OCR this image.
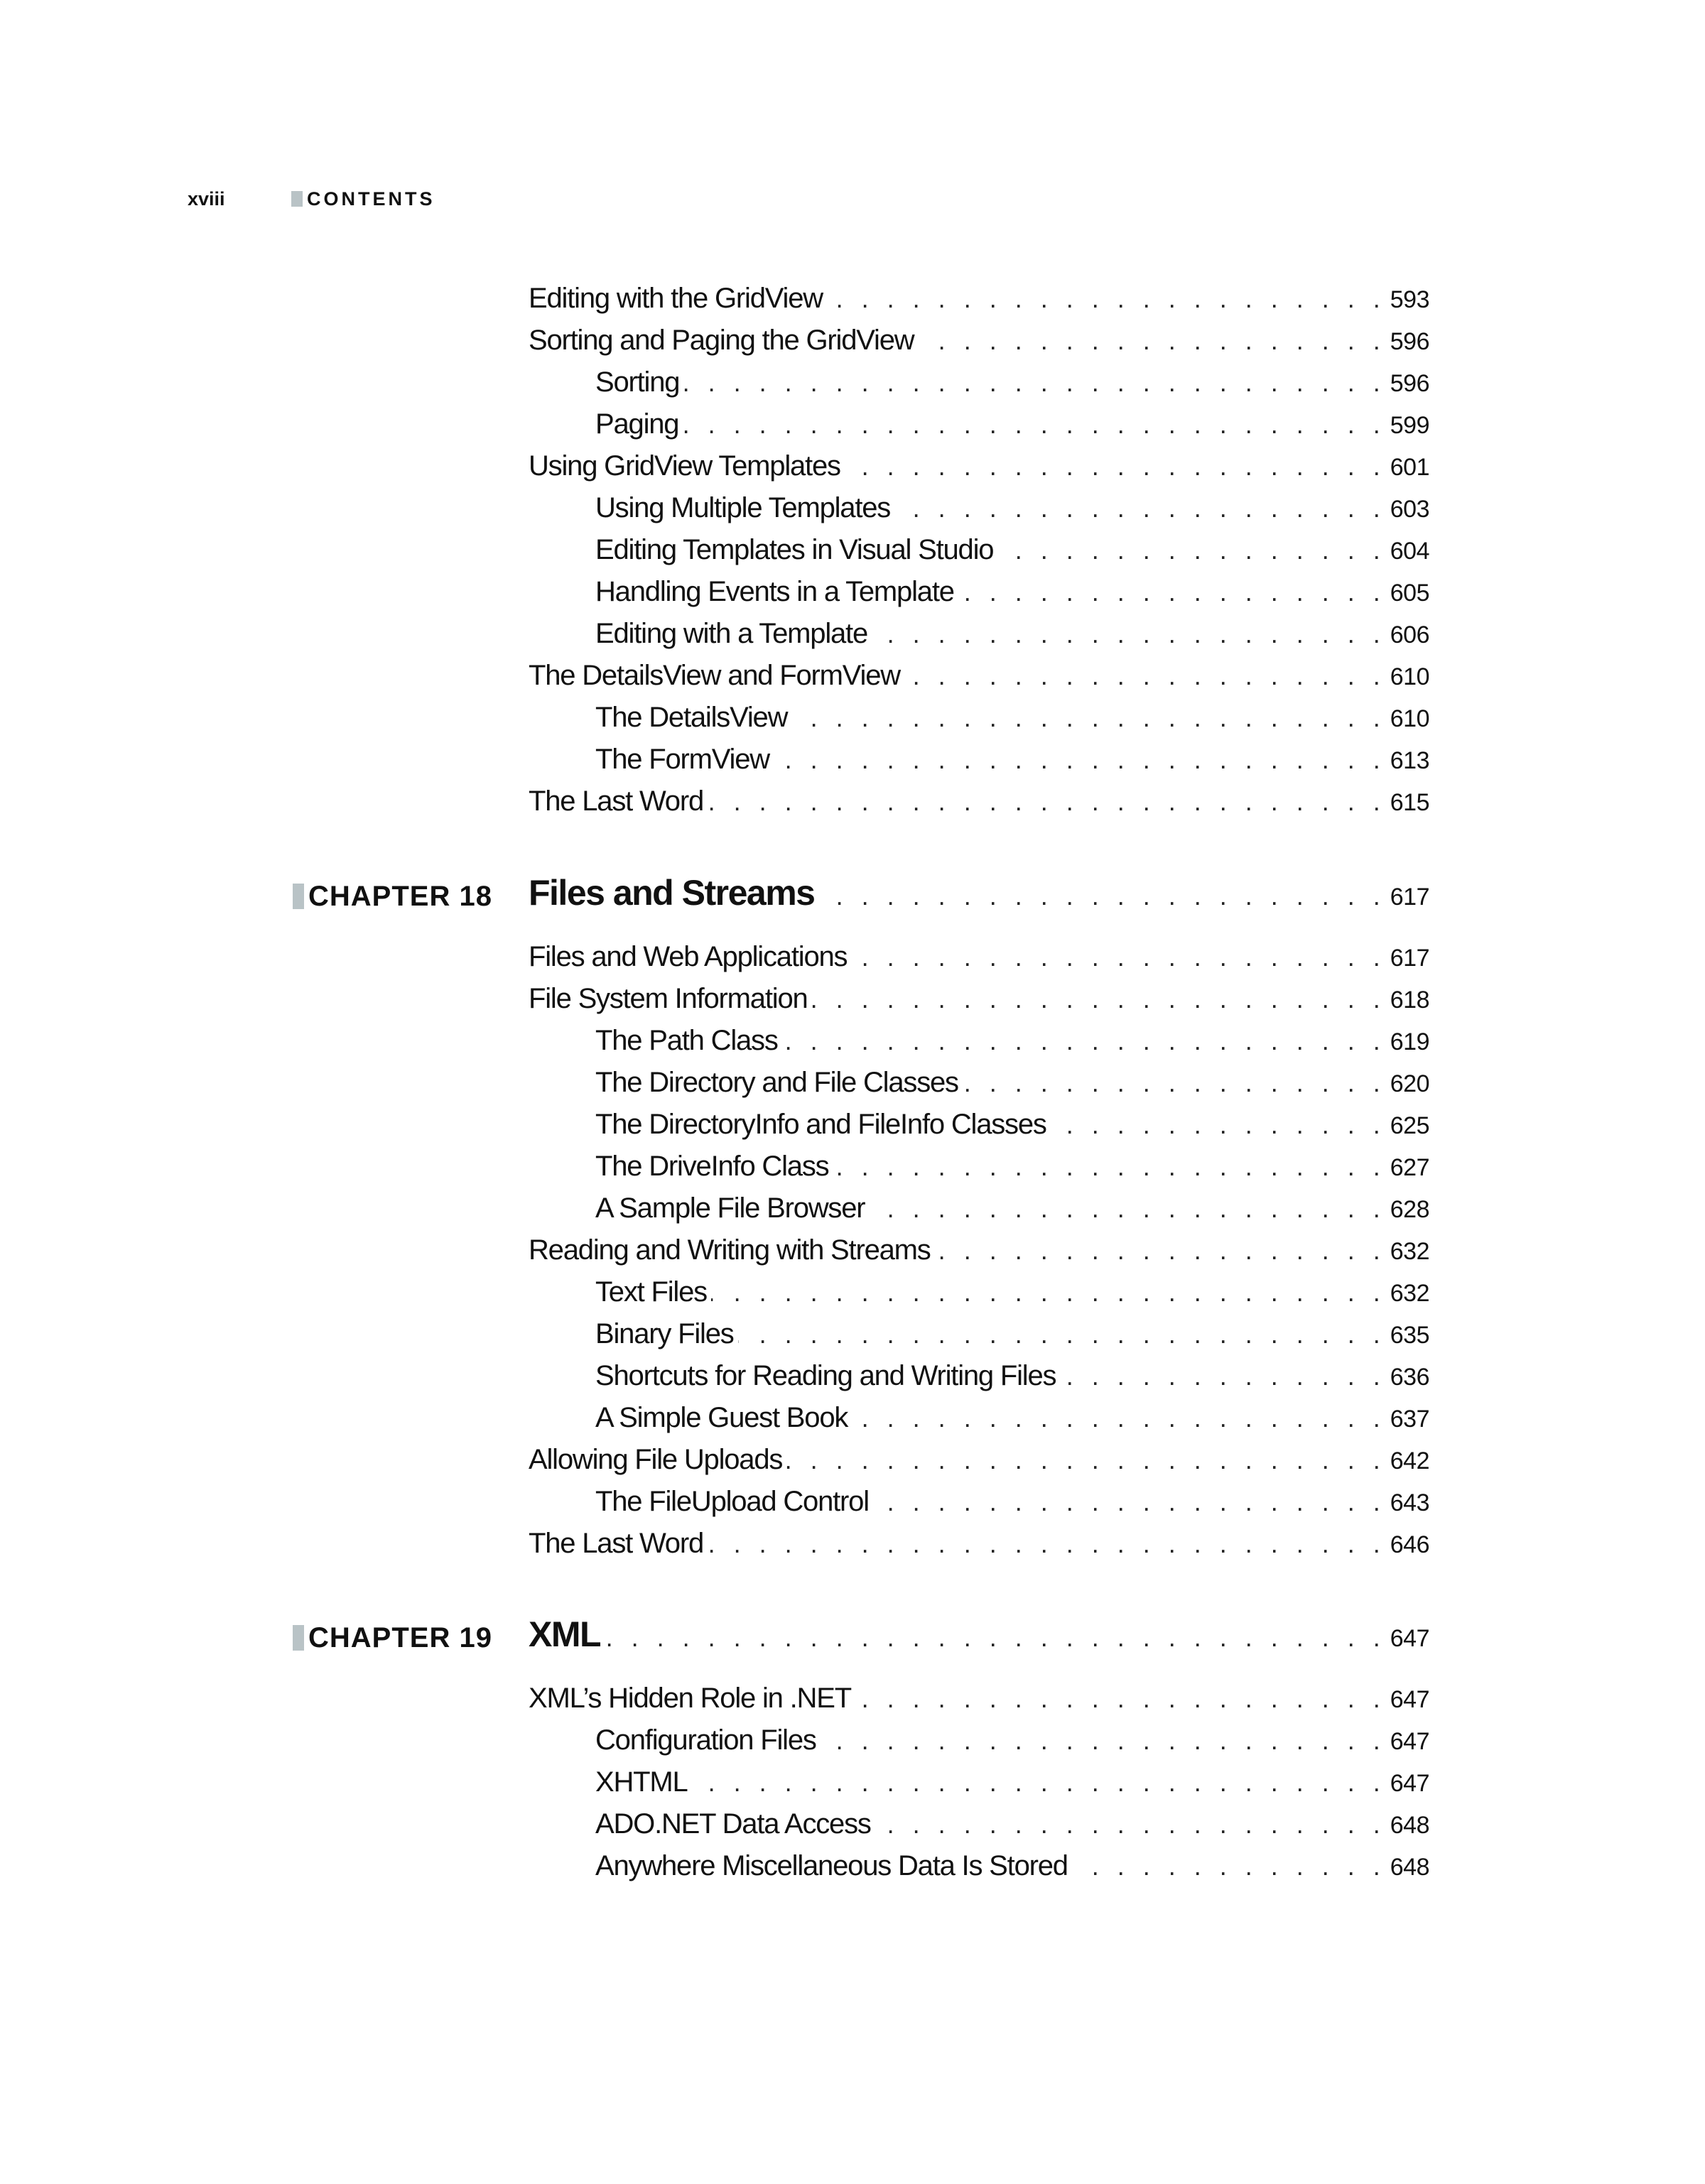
xviii	CONTENTS
Editing with the GridView . . .	593
Sorting and Paging the GridView . . .	596
Sorting . . .	596
Paging . . .	599
Using GridView Templates . . .	601
Using Multiple Templates . . .	603
Editing Templates in Visual Studio . . .	604
Handling Events in a Template . . .	605
Editing with a Template . . .	606
The DetailsView and FormView . . .	610
The DetailsView . . .	610
The FormView . . .	613
The Last Word . . .	615
CHAPTER 18 Files and Streams . . .	617
Files and Web Applications . . .	617
File System Information . . .	618
The Path Class . . .	619
The Directory and File Classes . . .	620
The DirectoryInfo and FileInfo Classes . . .	625
The DriveInfo Class . . .	627
A Sample File Browser . . .	628
Reading and Writing with Streams . . .	632
Text Files . . .	632
Binary Files . . .	635
Shortcuts for Reading and Writing Files . . .	636
A Simple Guest Book . . .	637
Allowing File Uploads . . .	642
The FileUpload Control . . .	643
The Last Word . . .	646
CHAPTER 19 XML . . .	647
XML’s Hidden Role in .NET . . .	647
Configuration Files . . .	647
XHTML . . .	647
ADO.NET Data Access . . .	648
Anywhere Miscellaneous Data Is Stored . . .	648
